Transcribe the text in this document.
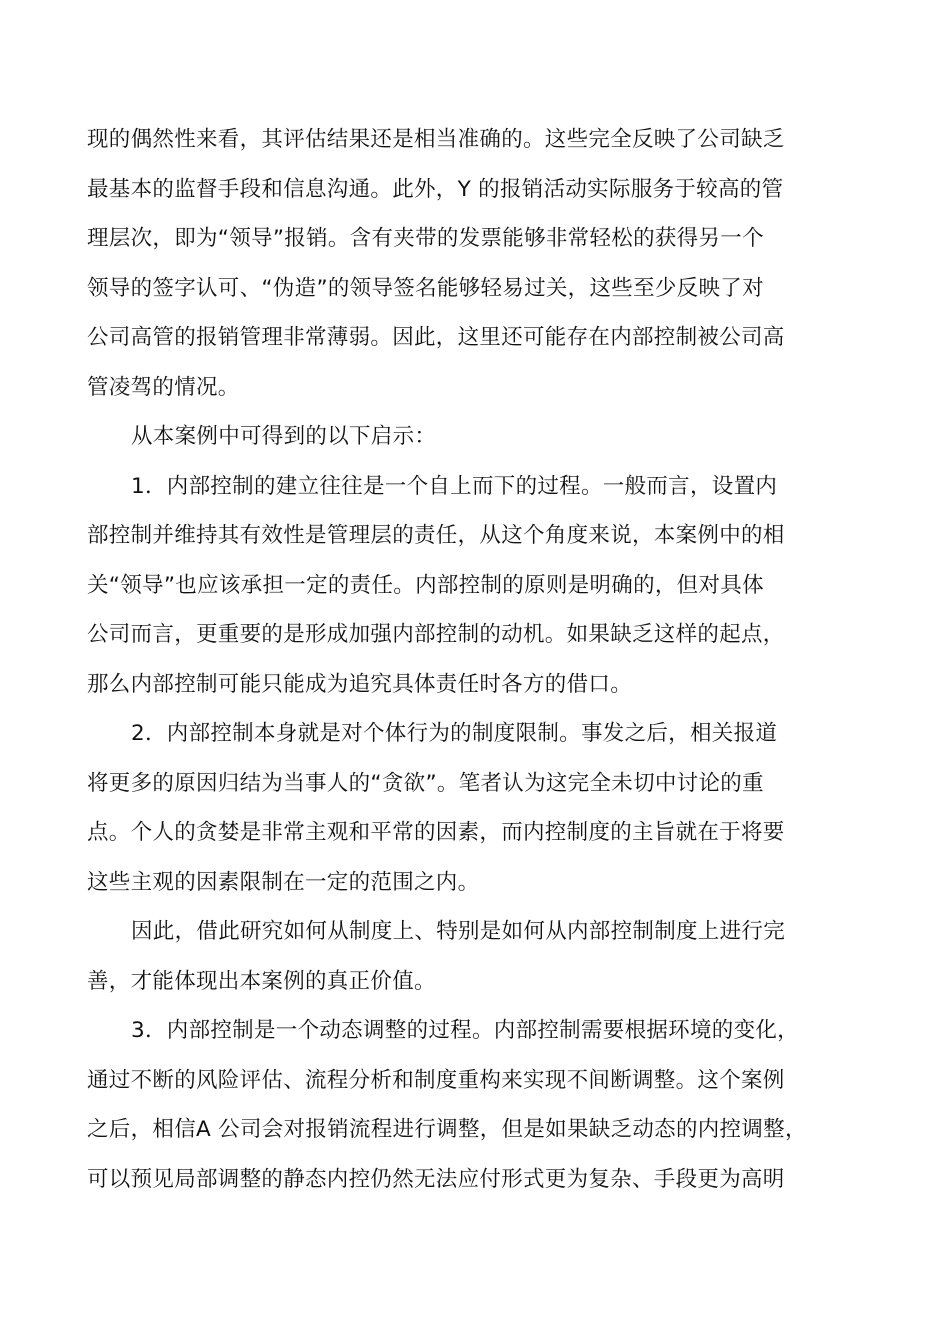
现的偶然性来看，其评估结果还是相当准确的。这些完全反映了公司缺乏
最基本的监督手段和信息沟通。此外，Y 的报销活动实际服务于较高的管
理层次，即为“领导”报销。含有夹带的发票能够非常轻松的获得另一个
领导的签字认可、“伪造”的领导签名能够轻易过关，这些至少反映了对
公司高管的报销管理非常薄弱。因此，这里还可能存在内部控制被公司高
管凌驾的情况。
从本案例中可得到的以下启示：
1．内部控制的建立往往是一个自上而下的过程。一般而言，设置内
部控制并维持其有效性是管理层的责任，从这个角度来说，本案例中的相
关“领导”也应该承担一定的责任。内部控制的原则是明确的，但对具体
公司而言，更重要的是形成加强内部控制的动机。如果缺乏这样的起点，
那么内部控制可能只能成为追究具体责任时各方的借口。
2．内部控制本身就是对个体行为的制度限制。事发之后，相关报道
将更多的原因归结为当事人的“贪欲”。笔者认为这完全未切中讨论的重
点。个人的贪婪是非常主观和平常的因素，而内控制度的主旨就在于将要
这些主观的因素限制在一定的范围之内。
因此，借此研究如何从制度上、特别是如何从内部控制制度上进行完
善，才能体现出本案例的真正价值。
3．内部控制是一个动态调整的过程。内部控制需要根据环境的变化，
通过不断的风险评估、流程分析和制度重构来实现不间断调整。这个案例
之后，相信A 公司会对报销流程进行调整，但是如果缺乏动态的内控调整，
可以预见局部调整的静态内控仍然无法应付形式更为复杂、手段更为高明
